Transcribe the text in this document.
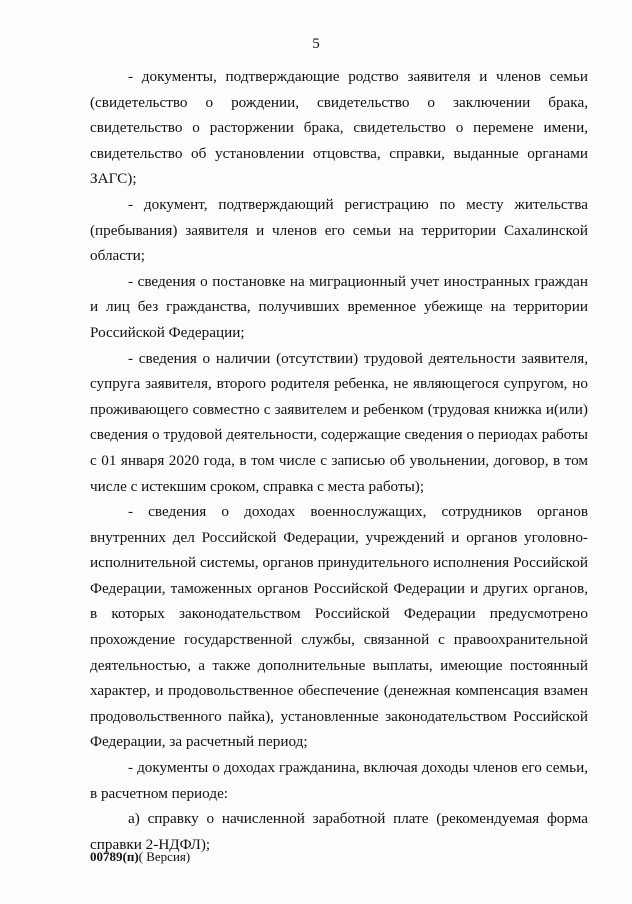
5

- документы, подтверждающие родство заявителя и членов семьи (свидетельство о рождении, свидетельство о заключении брака, свидетельство о расторжении брака, свидетельство о перемене имени, свидетельство об установлении отцовства, справки, выданные органами ЗАГС);

- документ, подтверждающий регистрацию по месту жительства (пребывания) заявителя и членов его семьи на территории Сахалинской области;

- сведения о постановке на миграционный учет иностранных граждан и лиц без гражданства, получивших временное убежище на территории Российской Федерации;

- сведения о наличии (отсутствии) трудовой деятельности заявителя, супруга заявителя, второго родителя ребенка, не являющегося супругом, но проживающего совместно с заявителем и ребенком (трудовая книжка и(или) сведения о трудовой деятельности, содержащие сведения о периодах работы с 01 января 2020 года, в том числе с записью об увольнении, договор, в том числе с истекшим сроком, справка с места работы);

- сведения о доходах военнослужащих, сотрудников органов внутренних дел Российской Федерации, учреждений и органов уголовно-исполнительной системы, органов принудительного исполнения Российской Федерации, таможенных органов Российской Федерации и других органов, в которых законодательством Российской Федерации предусмотрено прохождение государственной службы, связанной с правоохранительной деятельностью, а также дополнительные выплаты, имеющие постоянный характер, и продовольственное обеспечение (денежная компенсация взамен продовольственного пайка), установленные законодательством Российской Федерации, за расчетный период;

- документы о доходах гражданина, включая доходы членов его семьи, в расчетном периоде:

а) справку о начисленной заработной плате (рекомендуемая форма справки 2-НДФЛ);

00789(п)( Версия)
